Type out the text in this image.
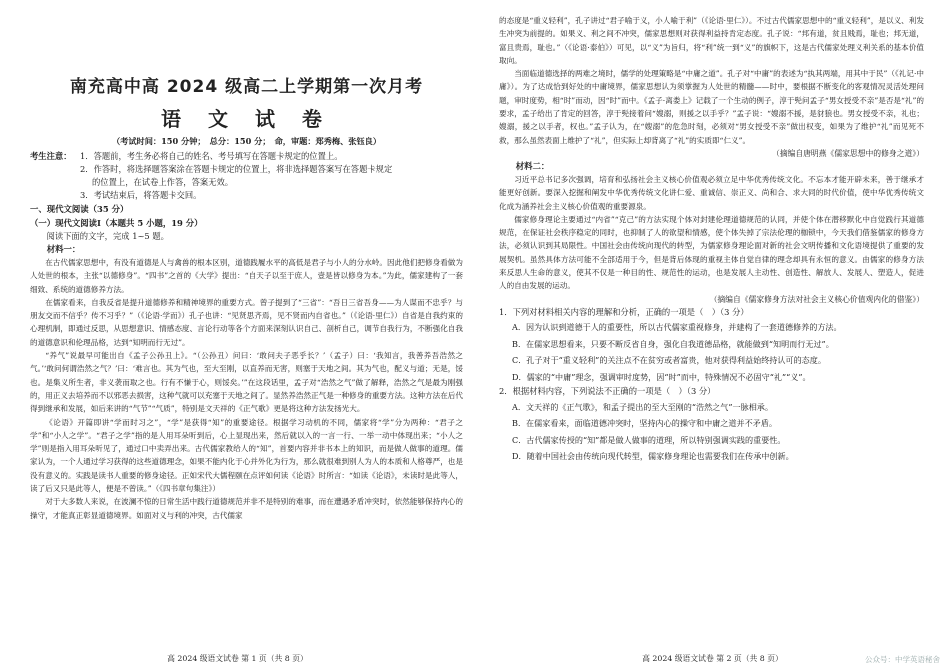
南充高中高 2024 级高二上学期第一次月考
语 文 试 卷
（考试时间：150 分钟；　总分：150 分；　命，审题：郑秀梅、张钰良）
考生注意：	1．答题前，考生务必将自己的姓名、考号填写在答题卡规定的位置上。
2．作答时，将选择题答案涂在答题卡规定的位置上，将非选择题答案写在答题卡规定
的位置上，在试卷上作答，答案无效。
3．考试结束后，将答题卡交回。
一、现代文阅读（35 分）
（一）现代文阅读Ⅰ（本题共 5 小题，19 分）
阅读下面的文字，完成 1~5 题。
材料一：

在古代儒家思想中，有没有道德是人与禽兽的根本区别，道德践履水平的高低是君子与小人的分水岭。因此他们把修身看做为人处世的根本，主张“以德修身”。“四书”之首的《大学》提出：“自天子以至于庶人，壹是皆以修身为本。”为此，儒家建构了一套细致、系统的道德修养方法。

在儒家看来，自我反省是提升道德修养和精神境界的重要方式。曾子提到了“三省”：“吾日三省吾身——为人谋而不忠乎？与朋友交而不信乎？传不习乎？”（《论语·学而》）孔子也讲：“见贤思齐焉，见不贤而内自省也。”（《论语·里仁》）自省是自我约束的心理机制，即通过反思，从思想意识、情感态度、言论行动等各个方面来深刻认识自己、剖析自己，调节自我行为，不断强化自我的道德意识和伦理品格，达到“知明而行无过”。

“养气”说最早可能出自《孟子公孙丑上》。“（公孙丑）问曰：‘敢问夫子恶乎长？’（孟子）曰：‘我知言，我善养吾浩然之气。’‘敢问何谓浩然之气？’曰：‘难言也。其为气也，至大至刚，以直养而无害，则塞于天地之间。其为气也，配义与道；无是，馁也。是集义所生者，非义袭而取之也。行有不慊于心，则馁矣。’”在这段话里，孟子对“浩然之气”做了解释，浩然之气是最为刚强的，用正义去培养而不以邪恶去损害，这种气就可以充塞于天地之间了。显然养浩然正气是一种修身的重要方法。这种方法在后代得到继承和发展，如后来讲的“气节”“气质”，特别是文天祥的《正气歌》更是将这种方法发扬光大。

《论语》开篇即讲“学而时习之”，“学”是获得“知”的重要途径。根据学习动机的不同，儒家将“学”分为两种：“君子之学”和“小人之学”。“君子之学”指的是人用耳朵听到后，心上显现出来，然后就以入的一言一行、一举一动中体现出来；“小人之学”则是指入用耳朵听见了，通过口中卖弄出来。古代儒家教给人的“知”，首要内容并非书本上的知识，而是做人做事的道理。儒家认为，一个人通过学习获得的这些道德理念，如果不能内化于心并外化为行为，那么就很难到别人为人的本质和人格尊严，也是没有意义的。实践是读书人重要的修身途径。正如宋代大儒程颐在点评如何读《论语》时所言：“如读《论语》，未读时是此等人，读了后又只是此等人，便是不曾读。”（《四书章句集注》）

对于大多数人来说，在波澜不惊的日常生活中践行道德规范并非不是特别的难事，而在遭遇矛盾冲突时，依然能够保持内心的操守，才能真正彰显道德境界。如面对义与利的冲突，古代儒家

高 2024 级语文试卷 第 1 页（共 8 页）

的态度是“重义轻利”，孔子讲过“君子喻于义，小人喻于利”（《论语·里仁》）。不过古代儒家思想中的“重义轻利”，是以义、利发生冲突为前提的。如果义、利之间不冲突，儒家思想则对获得利益持肯定态度。孔子说：“邦有道，贫且贱焉，耻也；邦无道，富且贵焉，耻也。”（《论语·泰伯》）可见，以“义”为旨归，将“利”统一到“义”的旗帜下，这是古代儒家处理义利关系的基本价值取向。

当面临道德选择的两难之境时，儒学的处理策略是“中庸之道”。孔子对“中庸”的表述为“执其两端，用其中于民”（《礼记·中庸》）。为了达成恰到好处的中庸境界，儒家思想认为须掌握为人处世的精髓——时中，要根据不断变化的客观情况灵活处理问题，审时度势，相“时”而动，因“时”而中。《孟子·离娄上》记载了一个生动的例子，淳于髡问孟子“男女授受不亲”是否是“礼”的要求，孟子给出了肯定的回答，淳于髡接着问“嫂溺，则援之以手乎？”孟子说：“嫂溺不援，是豺狼也。男女授受不亲，礼也；嫂溺，援之以手者，权也。”孟子认为，在“嫂溺”的危急时刻，必须对“男女授受不亲”做出权变，如果为了维护“礼”而见死不救，那么虽然表面上维护了“礼”，但实际上却背离了“礼”的实质即“仁义”。

（摘编自唐明燕《儒家思想中的修身之道》）
材料二：

习近平总书记多次强调，培育和弘扬社会主义核心价值观必须立足中华优秀传统文化。不忘本才能开辟未来，善于继承才能更好创新。要深入挖掘和阐发中华优秀传统文化讲仁爱、重诚信、崇正义、尚和合、求大同的时代价值，使中华优秀传统文化成为涵养社会主义核心价值观的重要源泉。

儒家修身理论主要通过“内省”“克己”的方法实现个体对封建伦理道德规范的认同，并使个体在潜移默化中自觉践行其道德规范，在保证社会秩序稳定的同时，也抑制了人的欲望和情感，使个体失掉了宗法伦理的枷锁中，今天我们借鉴儒家的修身方法，必须认识到其局限性。中国社会由传统向现代的转型，为儒家修身理论面对新的社会文明传播和文化语境提供了重要的发展契机。虽然具体方法可能不全部适用于今，但是背后体现的重视主体自觉自律的理念却具有永恒的意义。由儒家的修身方法来反思人生命的意义，使其不仅是一种目的性、规范性的运动，也是发展人主动性、创造性、解放人、发展人、塑造人，促进人的自由发展的运动。

（摘编自《儒家修身方法对社会主义核心价值观内化的借鉴》）
1．下列对材料相关内容的理解和分析，正确的一项是（　）（3 分）
A．因为认识到道德于人的重要性，所以古代儒家重视修身，并建构了一套道德修养的方法。
B．在儒家思想看来，只要不断反省自身，强化自我道德品格，就能做到“知明而行无过”。
C．孔子对于“重义轻利”的关注点不在贫穷或者富贵，他对获得利益始终持认可的态度。
D．儒家的“中庸”理念，强调审时度势，因“时”而中，特殊情况不必固守“礼”“义”。
2．根据材料内容，下列说法不正确的一项是（　）（3 分）
A．文天祥的《正气歌》，和孟子提出的至大至刚的“浩然之气”一脉相承。
B．在儒家看来，面临道德冲突时，坚持内心的操守和中庸之道并不矛盾。
C．古代儒家传授的“知”都是做人做事的道理，所以特别强调实践的重要性。
D．随着中国社会由传统向现代转型，儒家修身理论也需要我们在传承中创新。
高 2024 级语文试卷 第 2 页（共 8 页）	公众号：中学英语秘舍
